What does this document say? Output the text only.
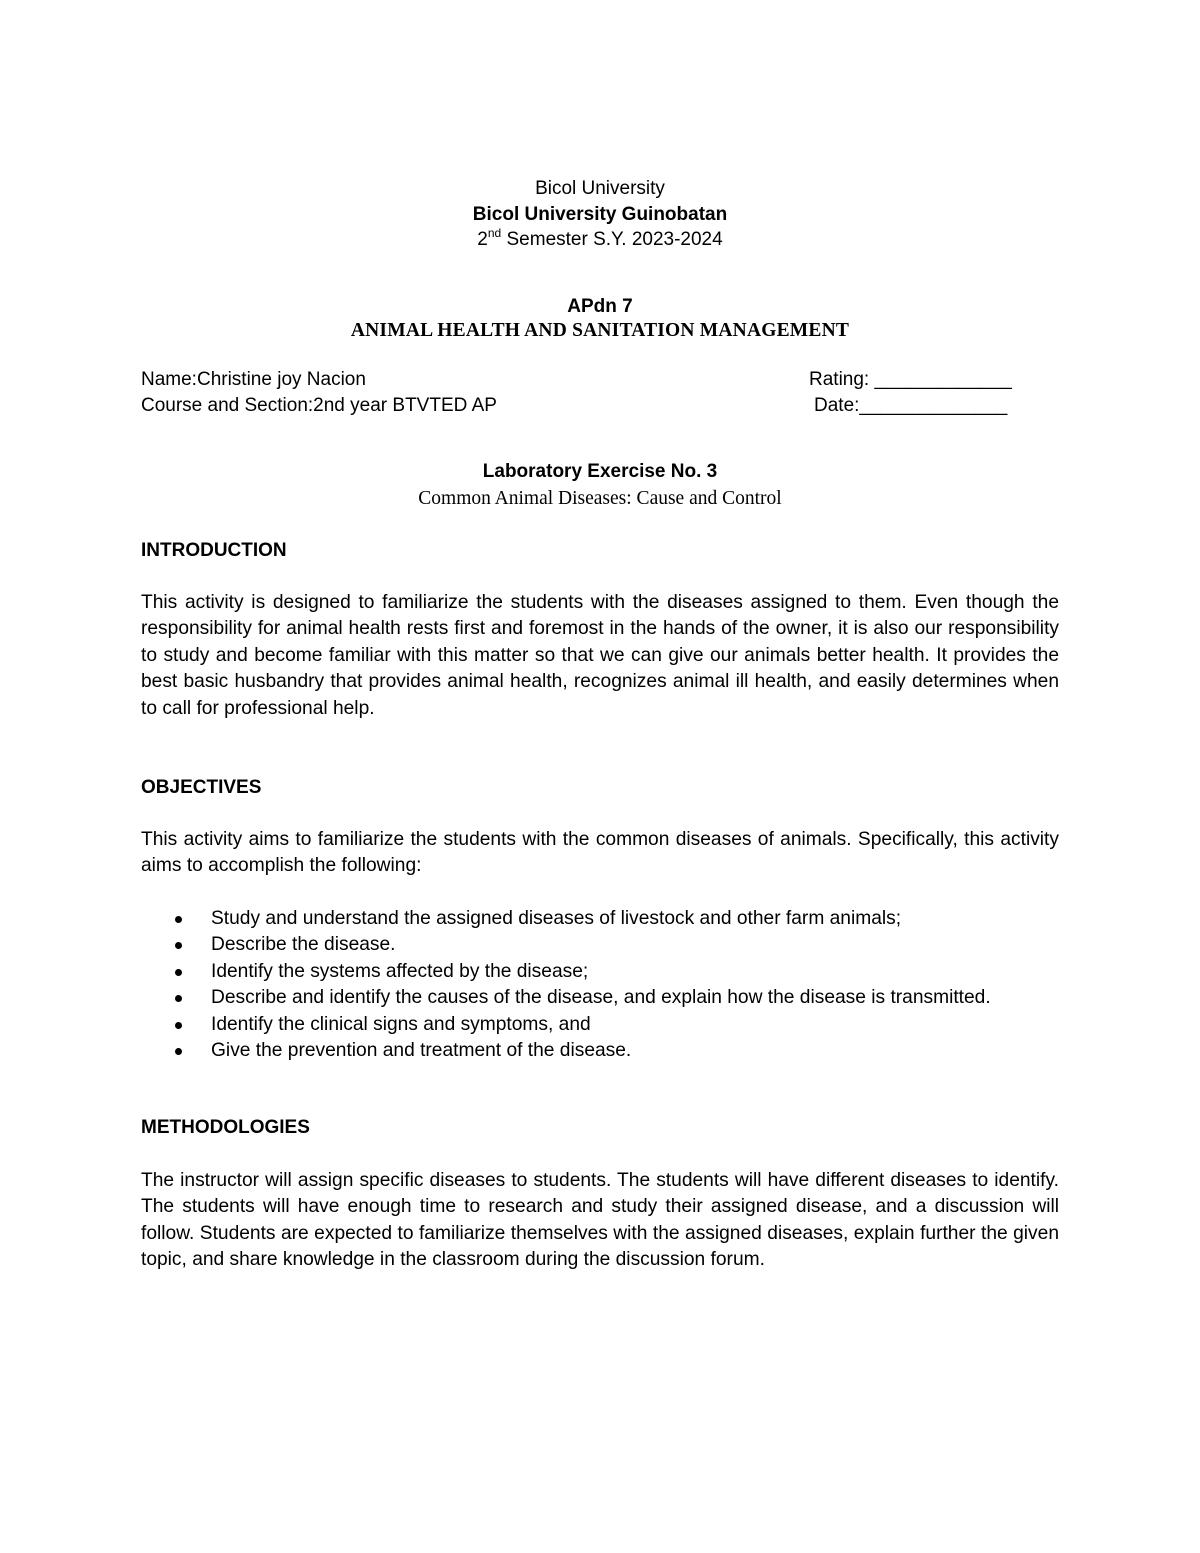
Bicol University
Bicol University Guinobatan
2nd Semester S.Y. 2023-2024
APdn 7
ANIMAL HEALTH AND SANITATION MANAGEMENT
Name:Christine joy Nacion
Course and Section:2nd year BTVTED AP
Rating: _____________
Date:______________
Laboratory Exercise No. 3
Common Animal Diseases: Cause and Control
INTRODUCTION

This activity is designed to familiarize the students with the diseases assigned to them. Even though the responsibility for animal health rests first and foremost in the hands of the owner, it is also our responsibility to study and become familiar with this matter so that we can give our animals better health. It provides the best basic husbandry that provides animal health, recognizes animal ill health, and easily determines when to call for professional help.

OBJECTIVES

This activity aims to familiarize the students with the common diseases of animals. Specifically, this activity aims to accomplish the following:

Study and understand the assigned diseases of livestock and other farm animals;
Describe the disease.
Identify the systems affected by the disease;
Describe and identify the causes of the disease, and explain how the disease is transmitted.
Identify the clinical signs and symptoms, and
Give the prevention and treatment of the disease.
METHODOLOGIES

The instructor will assign specific diseases to students. The students will have different diseases to identify. The students will have enough time to research and study their assigned disease, and a discussion will follow. Students are expected to familiarize themselves with the assigned diseases, explain further the given topic, and share knowledge in the classroom during the discussion forum.
